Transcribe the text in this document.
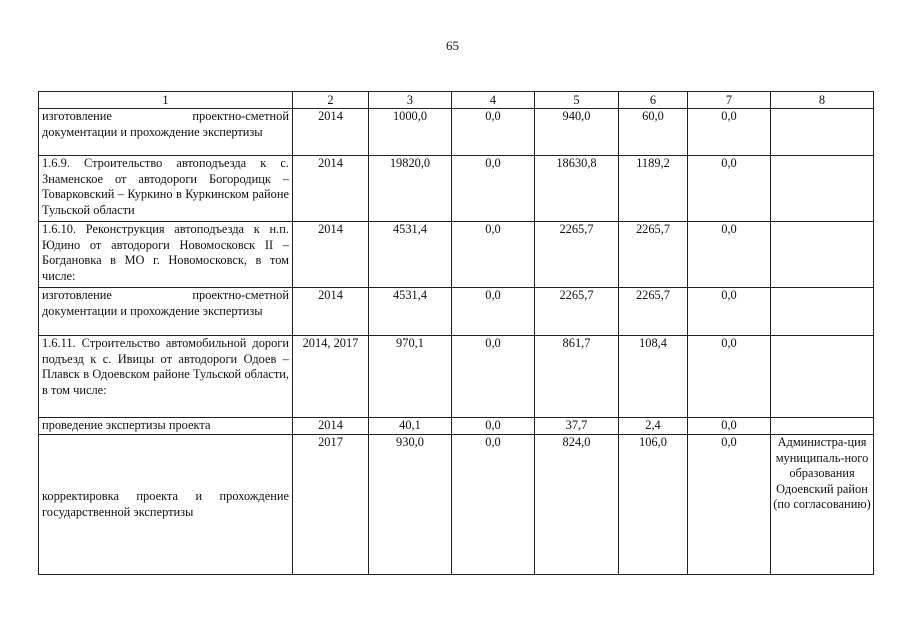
65
1	2	3	4	5	6	7	8
изготовление проектно-сметной документации и прохождение экспертизы	2014	1000,0	0,0	940,0	60,0	0,0	
1.6.9. Строительство автоподъезда к с. Знаменское от автодороги Богородицк – Товарковский – Куркино в Куркинском районе Тульской области	2014	19820,0	0,0	18630,8	1189,2	0,0	
1.6.10. Реконструкция автоподъезда к н.п. Юдино от автодороги Новомосковск II – Богдановка в МО г. Новомосковск, в том числе:	2014	4531,4	0,0	2265,7	2265,7	0,0	
изготовление проектно-сметной документации и прохождение экспертизы	2014	4531,4	0,0	2265,7	2265,7	0,0	
1.6.11. Строительство автомобильной дороги подъезд к с. Ивицы от автодороги Одоев – Плавск в Одоевском районе Тульской области, в том числе:	2014, 2017	970,1	0,0	861,7	108,4	0,0	
проведение экспертизы проекта	2014	40,1	0,0	37,7	2,4	0,0	
корректировка проекта и прохождение государственной экспертизы	2017	930,0	0,0	824,0	106,0	0,0	Администра-ция муниципаль-ного образования Одоевский район (по согласованию)
